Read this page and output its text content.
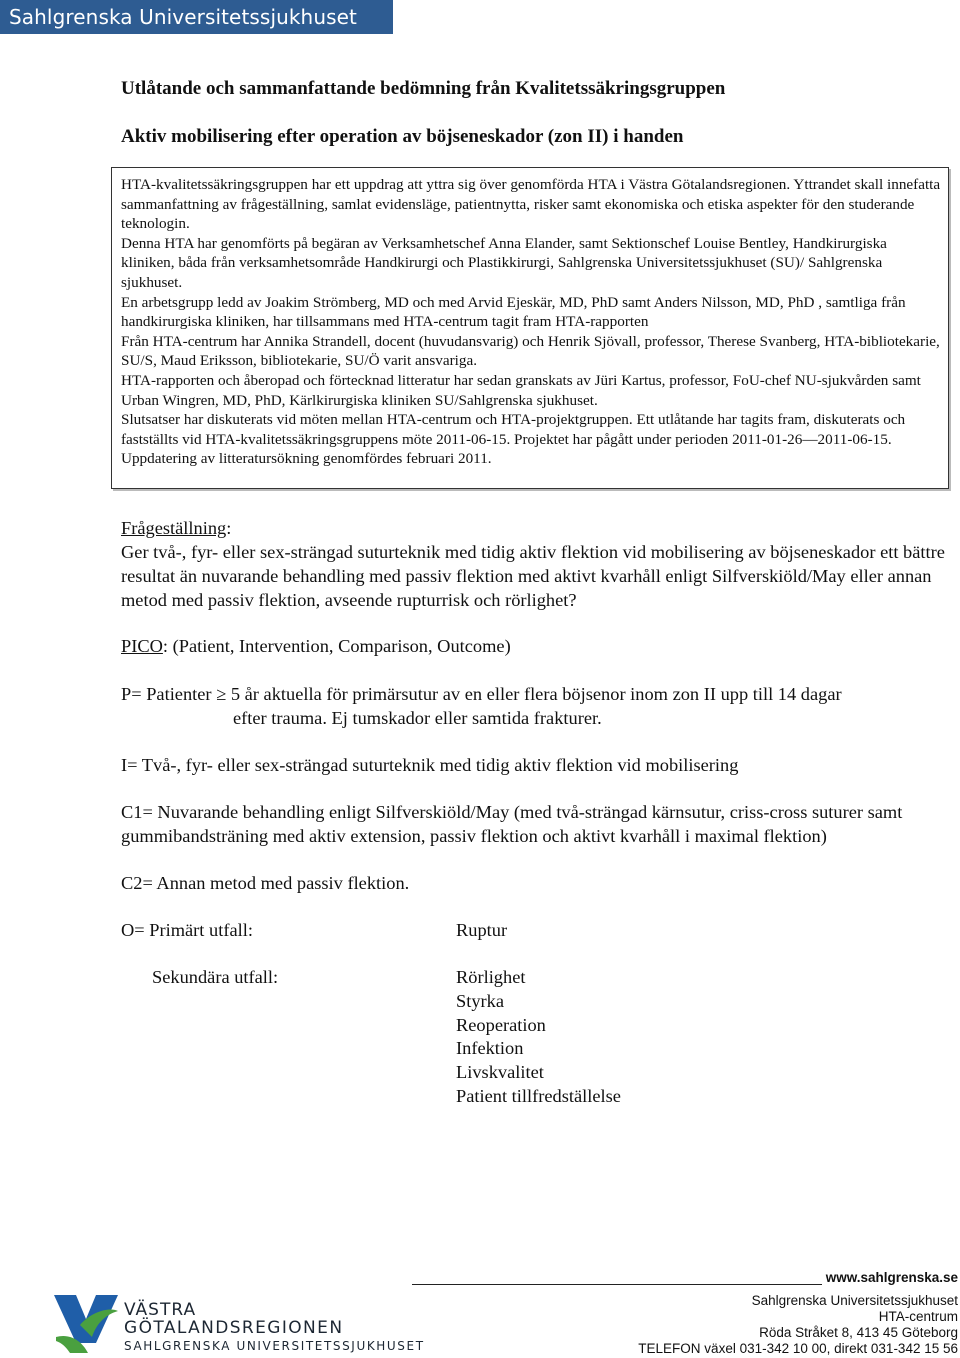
Sahlgrenska Universitetssjukhuset
Utlåtande och sammanfattande bedömning från Kvalitetssäkringsgruppen
Aktiv mobilisering efter operation av böjseneskador (zon II) i handen

HTA-kvalitetssäkringsgruppen har ett uppdrag att yttra sig över genomförda HTA i Västra Götalandsregionen. Yttrandet skall innefatta sammanfattning av frågeställning, samlat evidensläge, patientnytta, risker samt ekonomiska och etiska aspekter för den studerande teknologin.

Denna HTA har genomförts på begäran av Verksamhetschef Anna Elander, samt Sektionschef Louise Bentley, Handkirurgiska kliniken, båda från verksamhetsområde Handkirurgi och Plastikkirurgi, Sahlgrenska Universitetssjukhuset (SU)/ Sahlgrenska sjukhuset.

En arbetsgrupp ledd av Joakim Strömberg, MD och med Arvid Ejeskär, MD, PhD samt Anders Nilsson, MD, PhD , samtliga från handkirurgiska kliniken, har tillsammans med HTA-centrum tagit fram HTA-rapporten

Från HTA-centrum har Annika Strandell, docent (huvudansvarig) och Henrik Sjövall, professor, Therese Svanberg, HTA-bibliotekarie, SU/S, Maud Eriksson, bibliotekarie, SU/Ö varit ansvariga.

HTA-rapporten och åberopad och förtecknad litteratur har sedan granskats av Jüri Kartus, professor, FoU-chef NU-sjukvården samt Urban Wingren, MD, PhD, Kärlkirurgiska kliniken SU/Sahlgrenska sjukhuset.

Slutsatser har diskuterats vid möten mellan HTA-centrum och HTA-projektgruppen. Ett utlåtande har tagits fram, diskuterats och fastställts vid HTA-kvalitetssäkringsgruppens möte 2011-06-15. Projektet har pågått under perioden 2011-01-26—2011-06-15. Uppdatering av litteratursökning genomfördes februari 2011.

Frågeställning:
Ger två-, fyr- eller sex-strängad suturteknik med tidig aktiv flektion vid mobilisering av böjseneskador ett bättre resultat än nuvarande behandling med passiv flektion med aktivt kvarhåll enligt Silfverskiöld/May eller annan metod med passiv flektion, avseende rupturrisk och rörlighet?
PICO: (Patient, Intervention, Comparison, Outcome)
P= Patienter ≥ 5 år aktuella för primärsutur av en eller flera böjsenor inom zon II upp till 14 dagar
efter trauma. Ej tumskador eller samtida frakturer.
I= Två-, fyr- eller sex-strängad suturteknik med tidig aktiv flektion vid mobilisering
C1= Nuvarande behandling enligt Silfverskiöld/May (med två-strängad kärnsutur, criss-cross suturer samt gummibandsträning med aktiv extension, passiv flektion och aktivt kvarhåll i maximal flektion)
C2= Annan metod med passiv flektion.
O= Primärt utfall:	Ruptur
Sekundära utfall:	Rörlighet
Styrka
Reoperation
Infektion
Livskvalitet
Patient tillfredställelse
www.sahlgrenska.se
Sahlgrenska Universitetssjukhuset
HTA-centrum
Röda Stråket 8, 413 45 Göteborg
TELEFON växel 031-342 10 00, direkt 031-342 15 56
VÄSTRA
GÖTALANDSREGIONEN
SAHLGRENSKA UNIVERSITETSSJUKHUSET
